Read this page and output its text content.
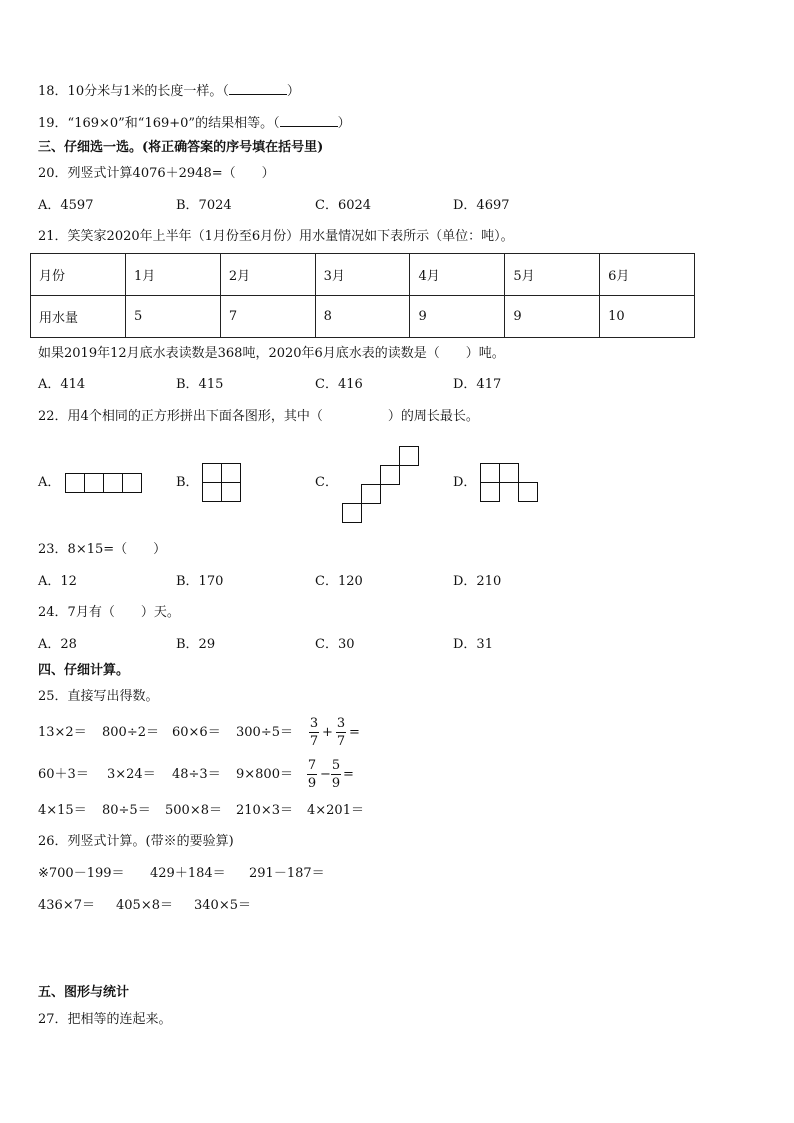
18．10分米与1米的长度一样。（	）
19．“169×0”和“169+0”的结果相等。（	）
三、仔细选一选。(将正确答案的序号填在括号里)
20．列竖式计算4076＋2948=（　　）
A．4597	B．7024	C．6024	D．4697
21．笑笑家2020年上半年（1月份至6月份）用水量情况如下表所示（单位：吨）。
月份	1月	2月	3月	4月	5月	6月
用水量	5	7	8	9	9	10
如果2019年12月底水表读数是368吨，2020年6月底水表的读数是（　　）吨。
A．414	B．415	C．416	D．417
22．用4个相同的正方形拼出下面各图形，其中（　　　　　）的周长最长。
A．	B．	C．	D．
23．8×15=（　　）
A．12	B．170	C．120	D．210
24．7月有（　　）天。
A．28	B．29	C．30	D．31
四、仔细计算。
25．直接写出得数。
13×2＝ 800÷2＝ 60×6＝ 300÷5＝
3
7
+
3
7
=
60＋3＝ 3×24＝ 48÷3＝ 9×800＝
7
9
−
5
9
=
4×15＝ 80÷5＝ 500×8＝ 210×3＝ 4×201＝
26．列竖式计算。(带※的要验算)
※700－199＝ 429＋184＝ 291－187＝
436×7＝ 405×8＝ 340×5＝
五、图形与统计
27．把相等的连起来。
